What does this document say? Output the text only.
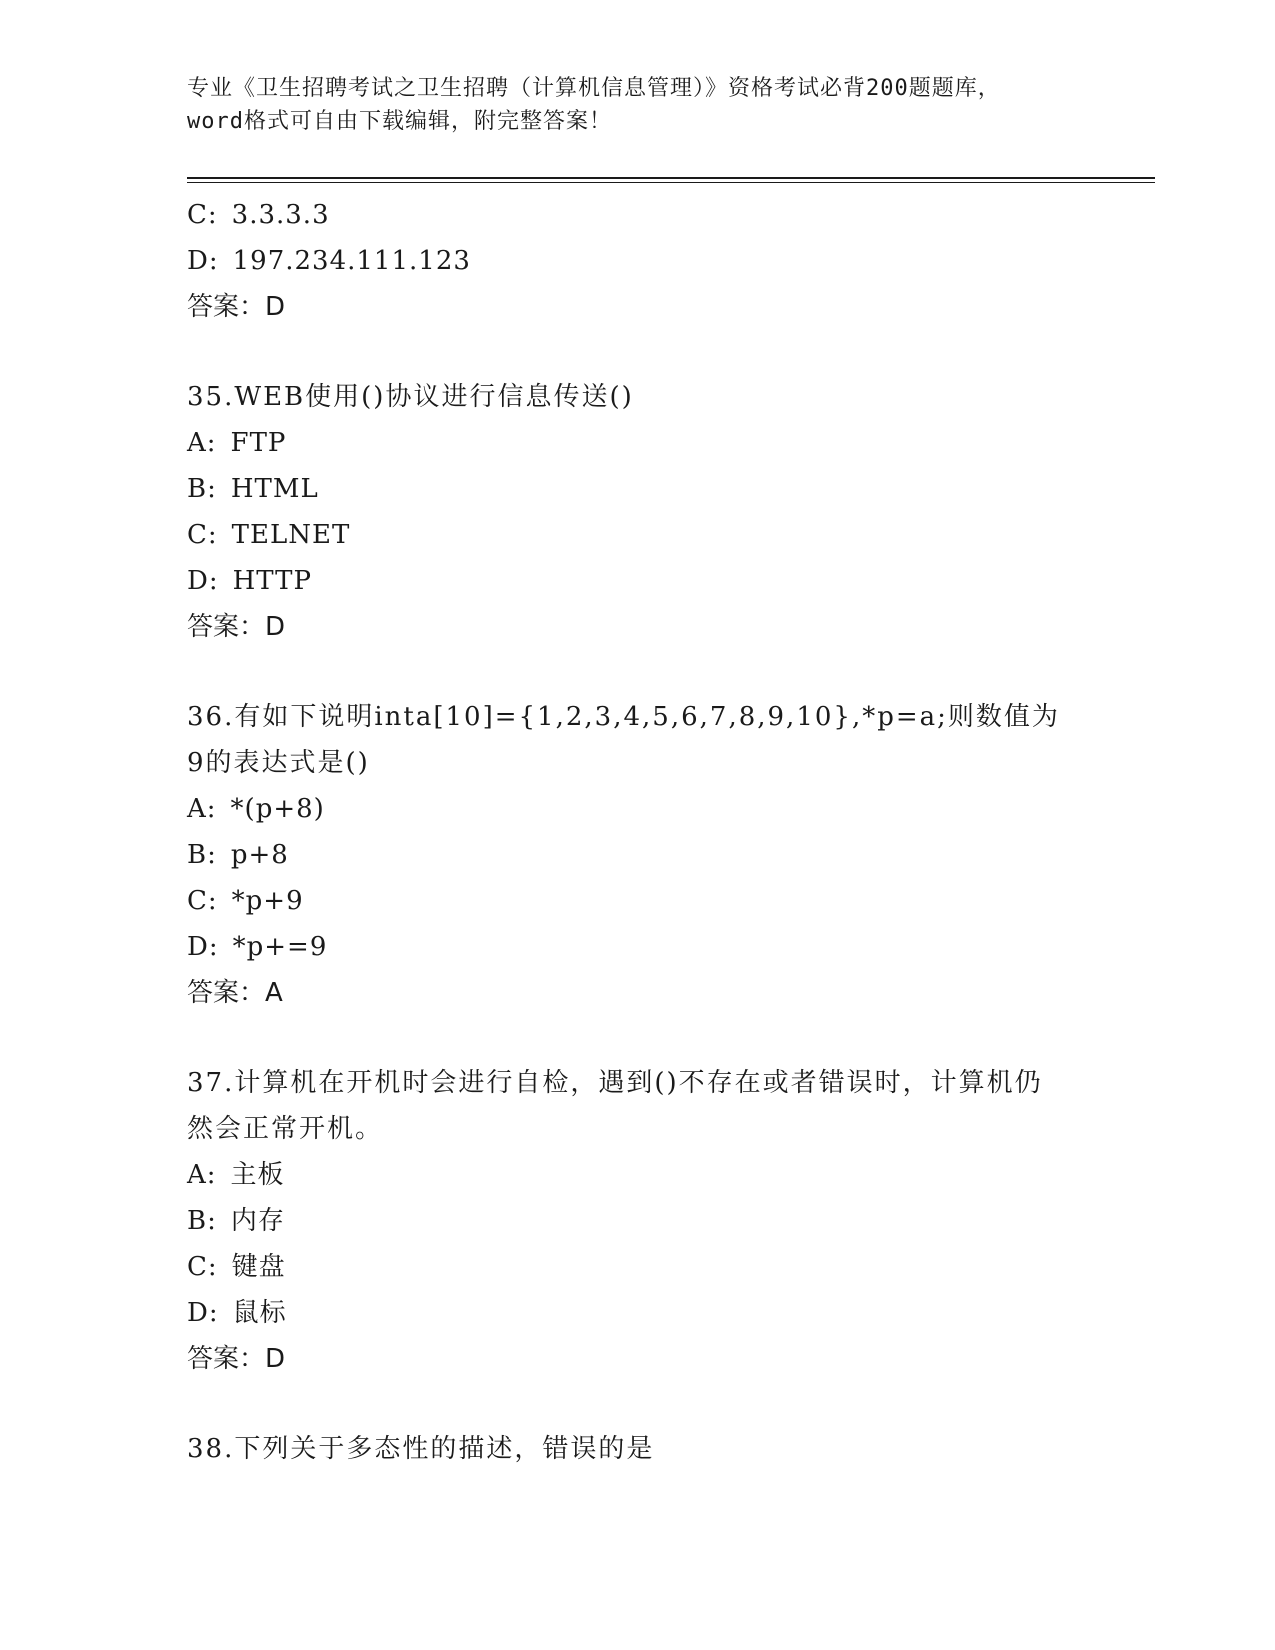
专业《卫生招聘考试之卫生招聘（计算机信息管理）》资格考试必背200题题库，
word格式可自由下载编辑，附完整答案！
C: 3.3.3.3
D: 197.234.111.123
答案：D
35.WEB使用()协议进行信息传送()
A: FTP
B: HTML
C: TELNET
D: HTTP
答案：D
36.有如下说明inta[10]={1,2,3,4,5,6,7,8,9,10},*p=a;则数值为9的表达式是()
A: *(p+8)
B: p+8
C: *p+9
D: *p+=9
答案：A
37.计算机在开机时会进行自检，遇到()不存在或者错误时，计算机仍然会正常开机。
A: 主板
B: 内存
C: 键盘
D: 鼠标
答案：D
38.下列关于多态性的描述，错误的是
